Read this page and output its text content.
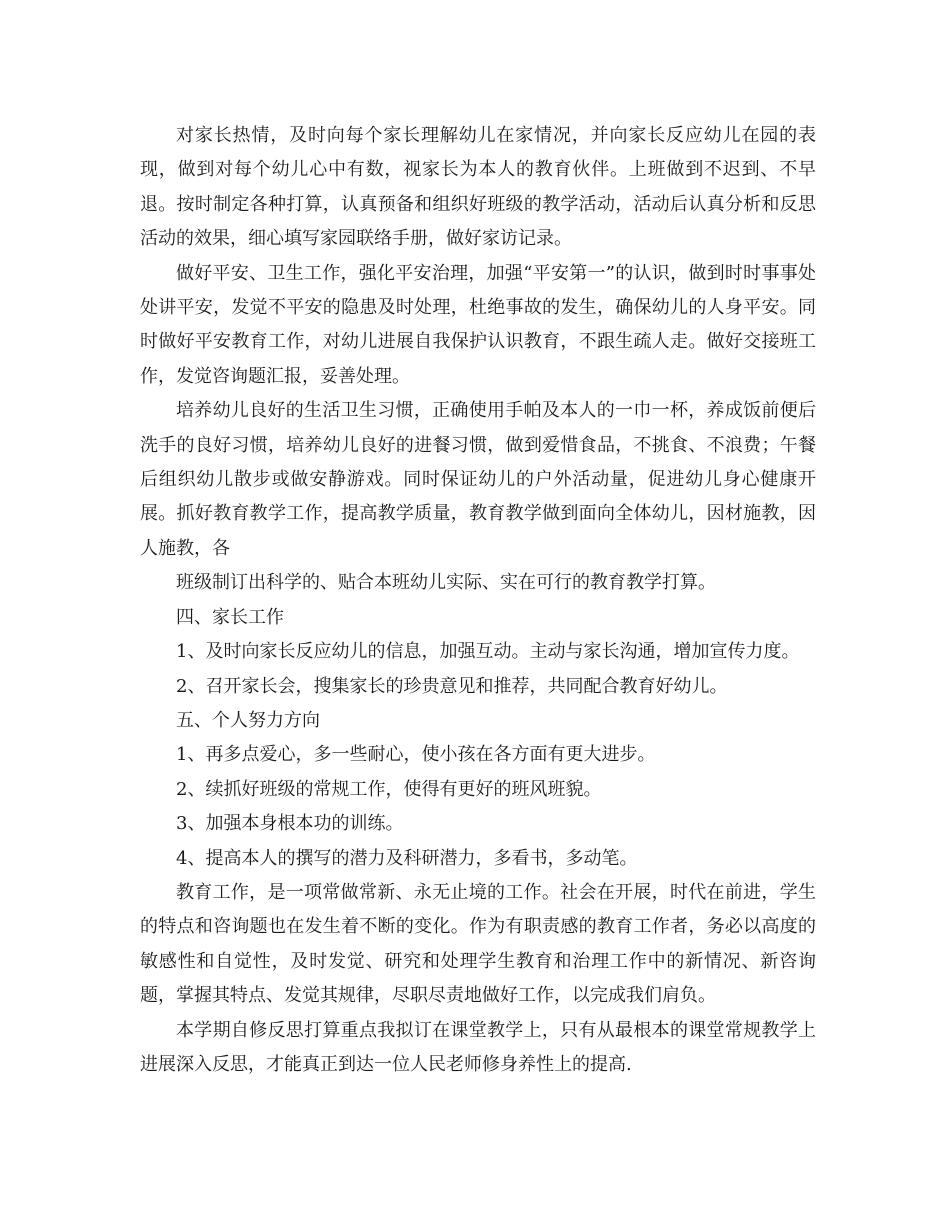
对家长热情，及时向每个家长理解幼儿在家情况，并向家长反应幼儿在园的表现，做到对每个幼儿心中有数，视家长为本人的教育伙伴。上班做到不迟到、不早退。按时制定各种打算，认真预备和组织好班级的教学活动，活动后认真分析和反思活动的效果，细心填写家园联络手册，做好家访记录。

做好平安、卫生工作，强化平安治理，加强“平安第一”的认识，做到时时事事处处讲平安，发觉不平安的隐患及时处理，杜绝事故的发生，确保幼儿的人身平安。同时做好平安教育工作，对幼儿进展自我保护认识教育，不跟生疏人走。做好交接班工作，发觉咨询题汇报，妥善处理。

培养幼儿良好的生活卫生习惯，正确使用手帕及本人的一巾一杯，养成饭前便后洗手的良好习惯，培养幼儿良好的进餐习惯，做到爱惜食品，不挑食、不浪费；午餐后组织幼儿散步或做安静游戏。同时保证幼儿的户外活动量，促进幼儿身心健康开展。抓好教育教学工作，提高教学质量，教育教学做到面向全体幼儿，因材施教，因人施教，各

班级制订出科学的、贴合本班幼儿实际、实在可行的教育教学打算。

四、家长工作

1、及时向家长反应幼儿的信息，加强互动。主动与家长沟通，增加宣传力度。

2、召开家长会，搜集家长的珍贵意见和推荐，共同配合教育好幼儿。

五、个人努力方向

1、再多点爱心，多一些耐心，使小孩在各方面有更大进步。

2、续抓好班级的常规工作，使得有更好的班风班貌。

3、加强本身根本功的训练。

4、提高本人的撰写的潜力及科研潜力，多看书，多动笔。

教育工作，是一项常做常新、永无止境的工作。社会在开展，时代在前进，学生的特点和咨询题也在发生着不断的变化。作为有职责感的教育工作者，务必以高度的敏感性和自觉性，及时发觉、研究和处理学生教育和治理工作中的新情况、新咨询题，掌握其特点、发觉其规律，尽职尽责地做好工作，以完成我们肩负。

本学期自修反思打算重点我拟订在课堂教学上，只有从最根本的课堂常规教学上进展深入反思，才能真正到达一位人民老师修身养性上的提高.
